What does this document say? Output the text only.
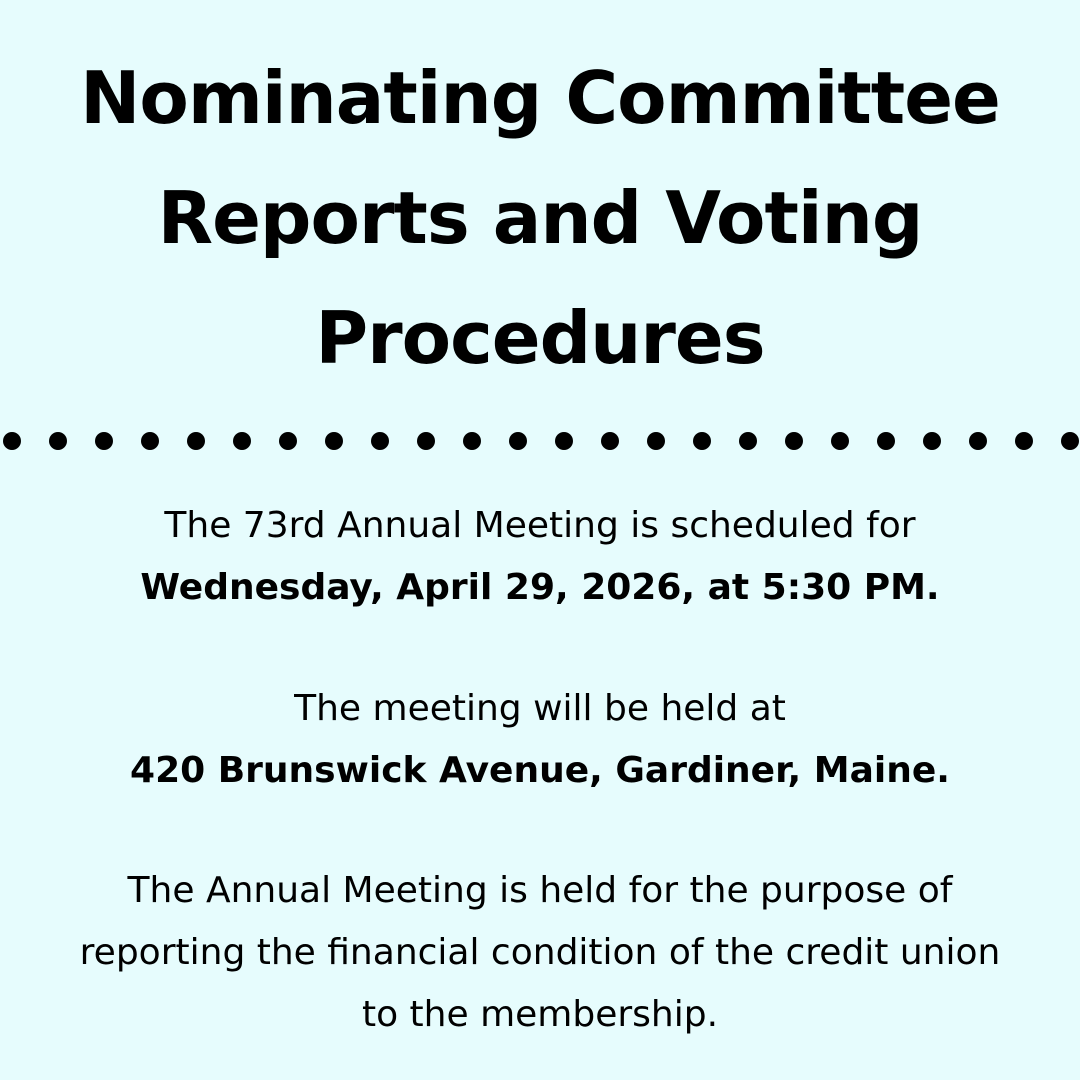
Nominating Committee
Reports and Voting
Procedures
The 73rd Annual Meeting is scheduled for
Wednesday, April 29, 2026, at 5:30 PM.
The meeting will be held at
420 Brunswick Avenue, Gardiner, Maine.
The Annual Meeting is held for the purpose of
reporting the financial condition of the credit union
to the membership.
